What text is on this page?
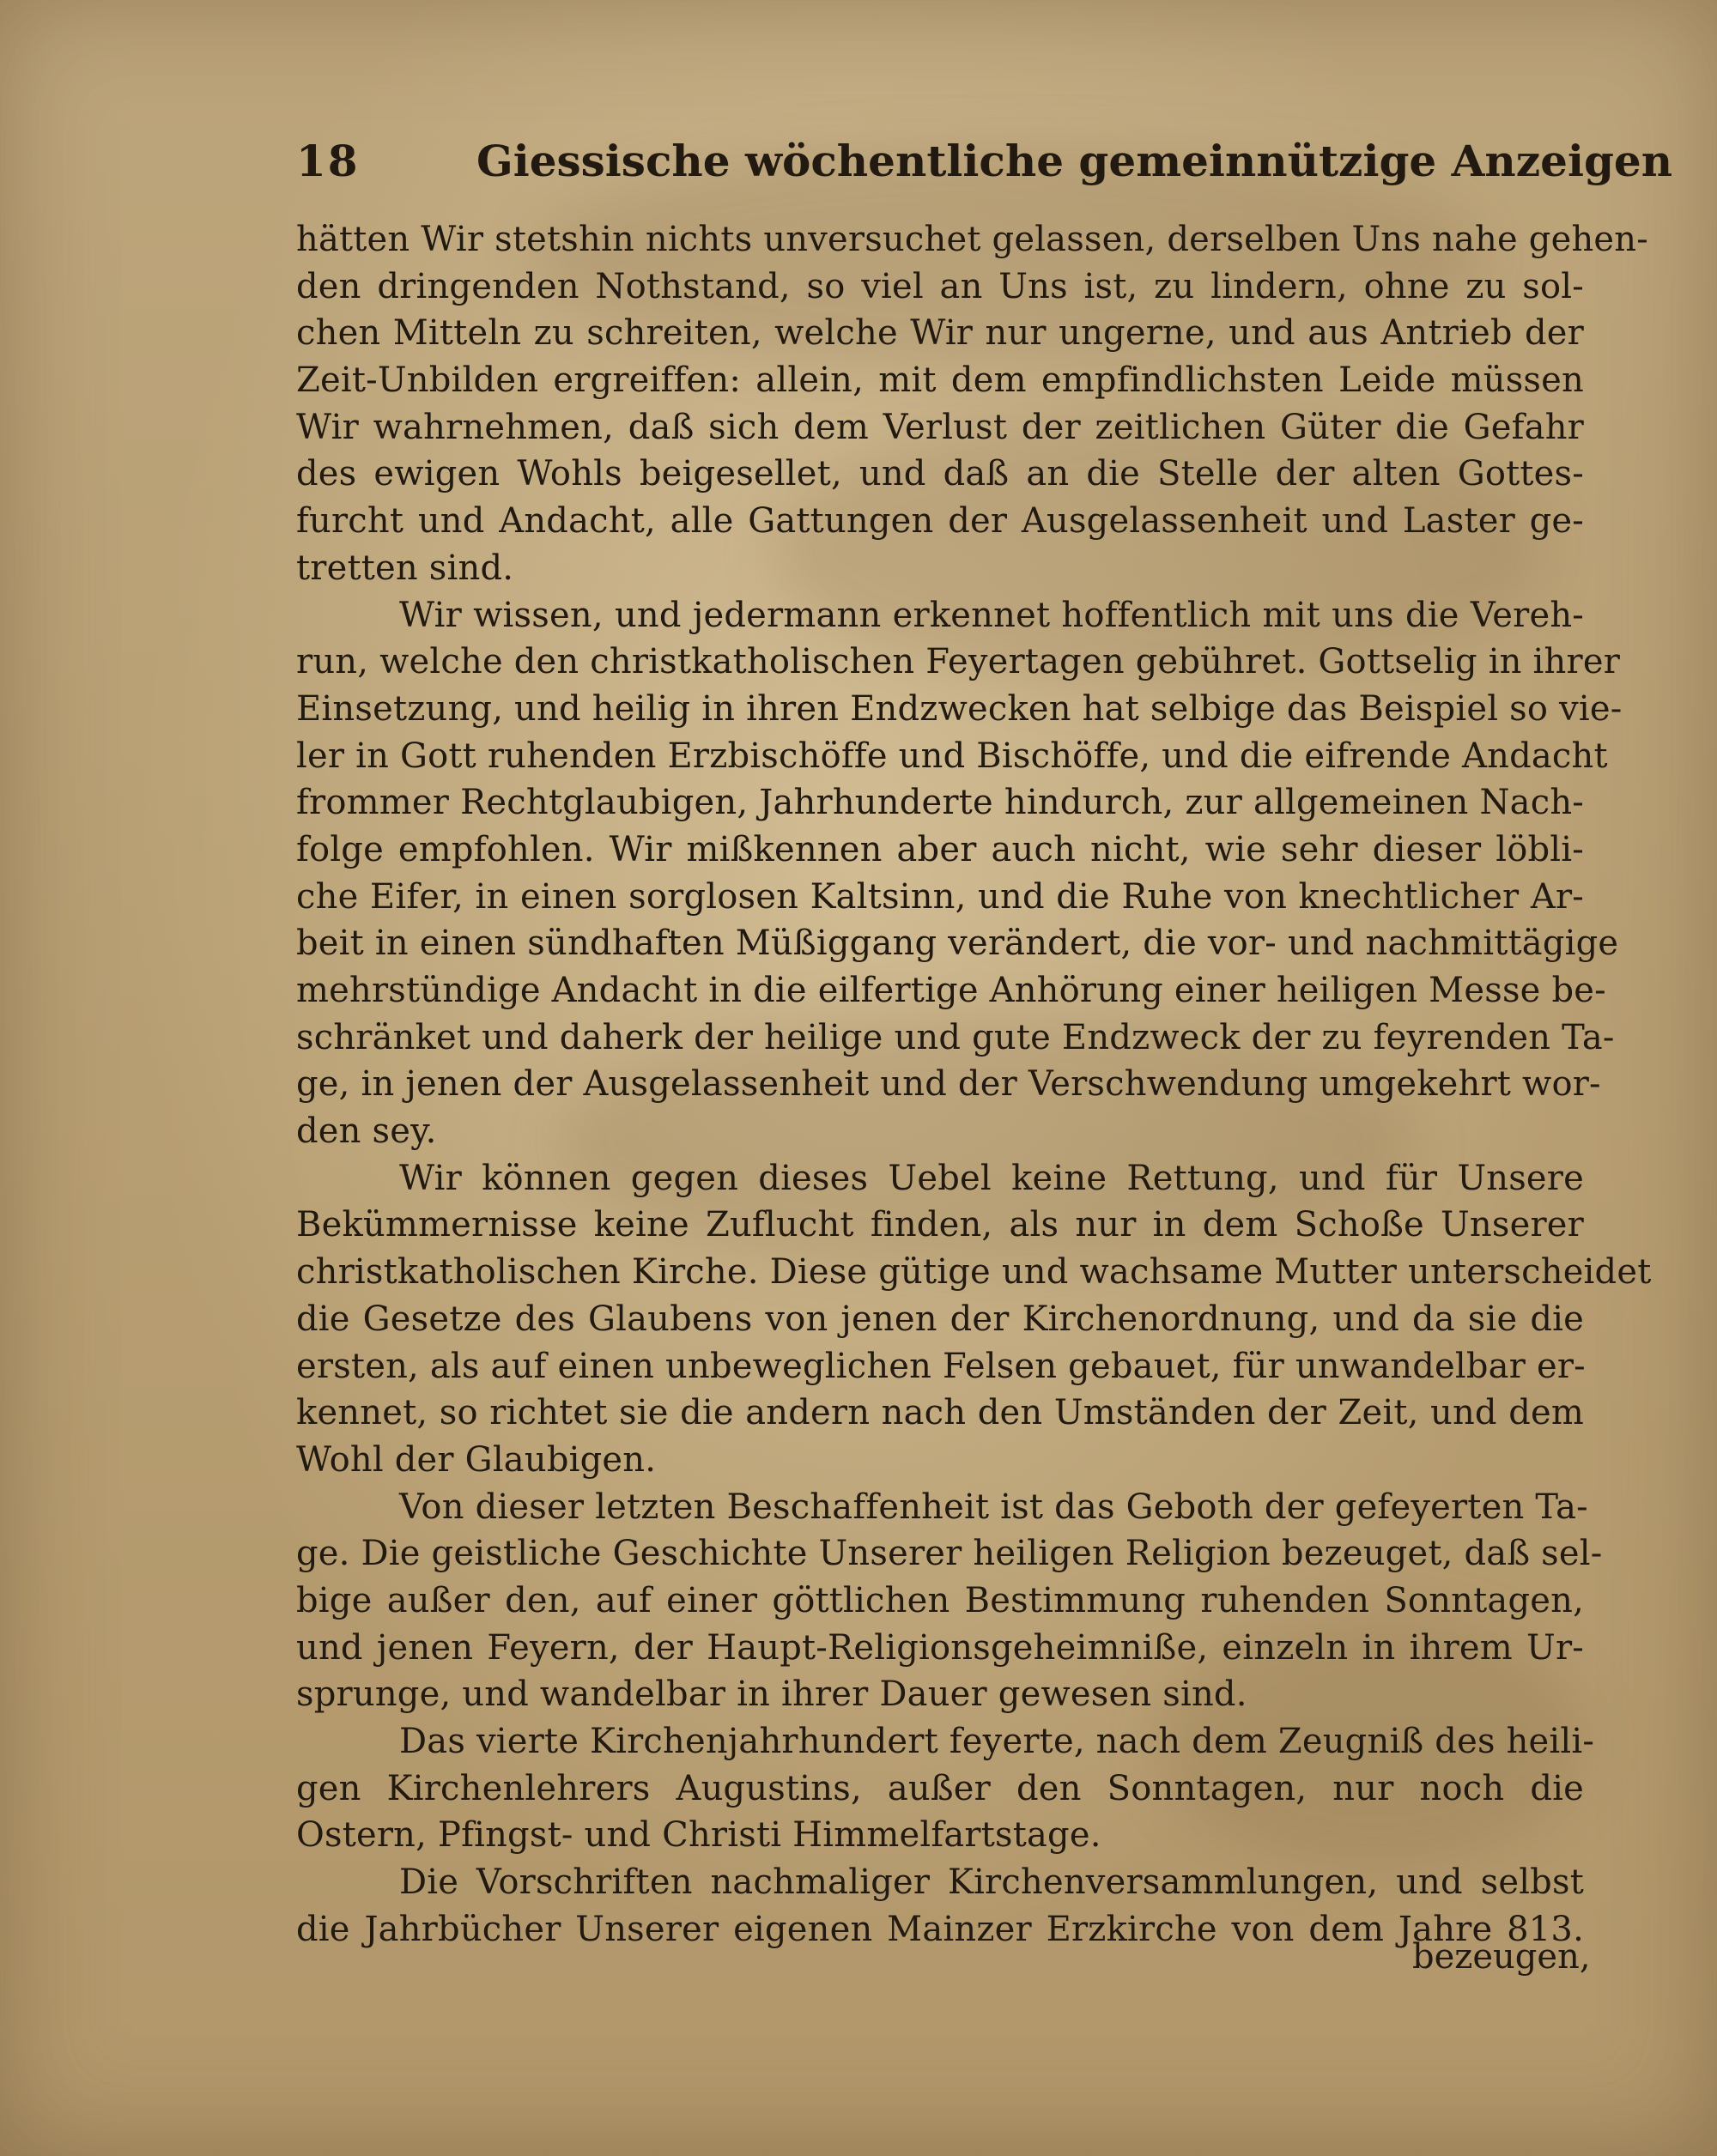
18	Giessische wöchentliche gemeinnützige Anzeigen

hätten Wir stetshin nichts unversuchet gelassen, derselben Uns nahe gehen-
den dringenden Nothstand, so viel an Uns ist, zu lindern, ohne zu sol-
chen Mitteln zu schreiten, welche Wir nur ungerne, und aus Antrieb der
Zeit-Unbilden ergreiffen: allein, mit dem empfindlichsten Leide müssen
Wir wahrnehmen, daß sich dem Verlust der zeitlichen Güter die Gefahr
des ewigen Wohls beigesellet, und daß an die Stelle der alten Gottes-
furcht und Andacht, alle Gattungen der Ausgelassenheit und Laster ge-
tretten sind.

Wir wissen, und jedermann erkennet hoffentlich mit uns die Vereh-
run, welche den christkatholischen Feyertagen gebühret. Gottselig in ihrer
Einsetzung, und heilig in ihren Endzwecken hat selbige das Beispiel so vie-
ler in Gott ruhenden Erzbischöffe und Bischöffe, und die eifrende Andacht
frommer Rechtglaubigen, Jahrhunderte hindurch, zur allgemeinen Nach-
folge empfohlen. Wir mißkennen aber auch nicht, wie sehr dieser löbli-
che Eifer, in einen sorglosen Kaltsinn, und die Ruhe von knechtlicher Ar-
beit in einen sündhaften Müßiggang verändert, die vor- und nachmittägige
mehrstündige Andacht in die eilfertige Anhörung einer heiligen Messe be-
schränket und daherk der heilige und gute Endzweck der zu feyrenden Ta-
ge, in jenen der Ausgelassenheit und der Verschwendung umgekehrt wor-
den sey.

Wir können gegen dieses Uebel keine Rettung, und für Unsere
Bekümmernisse keine Zuflucht finden, als nur in dem Schoße Unserer
christkatholischen Kirche. Diese gütige und wachsame Mutter unterscheidet
die Gesetze des Glaubens von jenen der Kirchenordnung, und da sie die
ersten, als auf einen unbeweglichen Felsen gebauet, für unwandelbar er-
kennet, so richtet sie die andern nach den Umständen der Zeit, und dem
Wohl der Glaubigen.

Von dieser letzten Beschaffenheit ist das Geboth der gefeyerten Ta-
ge. Die geistliche Geschichte Unserer heiligen Religion bezeuget, daß sel-
bige außer den, auf einer göttlichen Bestimmung ruhenden Sonntagen,
und jenen Feyern, der Haupt-Religionsgeheimniße, einzeln in ihrem Ur-
sprunge, und wandelbar in ihrer Dauer gewesen sind.

Das vierte Kirchenjahrhundert feyerte, nach dem Zeugniß des heili-
gen Kirchenlehrers Augustins, außer den Sonntagen, nur noch die
Ostern, Pfingst- und Christi Himmelfartstage.

Die Vorschriften nachmaliger Kirchenversammlungen, und selbst
die Jahrbücher Unserer eigenen Mainzer Erzkirche von dem Jahre 813.

bezeugen,
